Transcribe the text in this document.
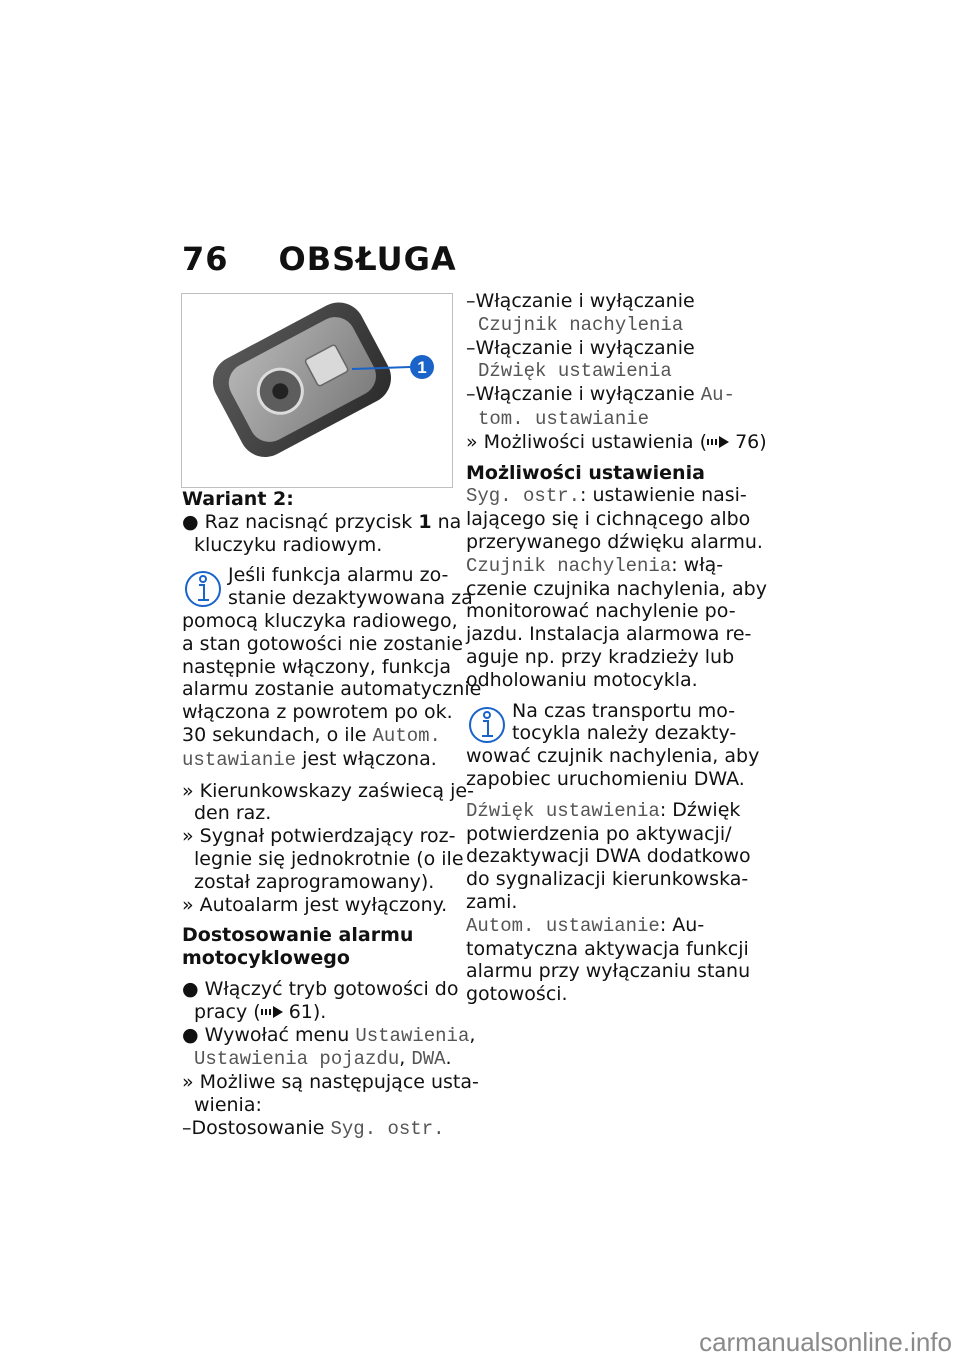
76 OBSŁUGA
1
Wariant 2:
● Raz nacisnąć przycisk 1 na
kluczyku radiowym.
Jeśli funkcja alarmu zo-
stanie dezaktywowana za
pomocą kluczyka radiowego,
a stan gotowości nie zostanie
następnie włączony, funkcja
alarmu zostanie automatycznie
włączona z powrotem po ok.
30 sekundach, o ile Autom.
ustawianie jest włączona.
» Kierunkowskazy zaświecą je-
den raz.
» Sygnał potwierdzający roz-
legnie się jednokrotnie (o ile
został zaprogramowany).
» Autoalarm jest wyłączony.
Dostosowanie alarmu
motocyklowego
● Włączyć tryb gotowości do
pracy ( 61).
● Wywołać menu Ustawienia,
Ustawienia pojazdu, DWA.
» Możliwe są następujące usta-
wienia:
–Dostosowanie Syg. ostr.
–Włączanie i wyłączanie
Czujnik nachylenia
–Włączanie i wyłączanie
Dźwięk ustawienia
–Włączanie i wyłączanie Au-
tom. ustawianie
» Możliwości ustawienia ( 76)
Możliwości ustawienia
Syg. ostr.: ustawienie nasi-
lającego się i cichnącego albo
przerywanego dźwięku alarmu.
Czujnik nachylenia: włą-
czenie czujnika nachylenia, aby
monitorować nachylenie po-
jazdu. Instalacja alarmowa re-
aguje np. przy kradzieży lub
odholowaniu motocykla.
Na czas transportu mo-
tocykla należy dezakty-
wować czujnik nachylenia, aby
zapobiec uruchomieniu DWA.
Dźwięk ustawienia: Dźwięk
potwierdzenia po aktywacji/
dezaktywacji DWA dodatkowo
do sygnalizacji kierunkowska-
zami.
Autom. ustawianie: Au-
tomatyczna aktywacja funkcji
alarmu przy wyłączaniu stanu
gotowości.
carmanualsonline.info
